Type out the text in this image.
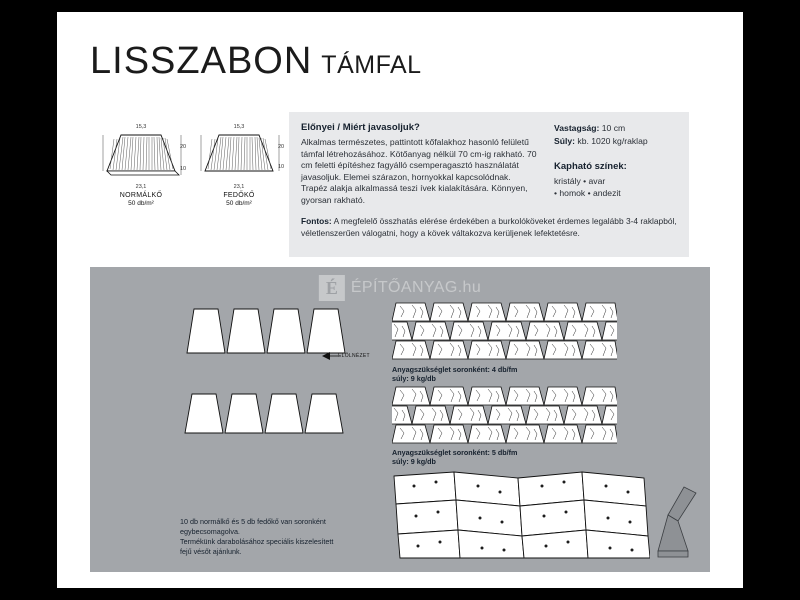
LISSZABON TÁMFAL
15,3
23,1
NORMÁLKŐ
50 db/m²
20
10
15,3
23,1
FEDŐKŐ
50 db/m²
20
10
Előnyei / Miért javasoljuk?
Alkalmas természetes, pattintott kőfalakhoz hasonló felületű támfal létrehozásához. Kötőanyag nélkül 70 cm-ig rakható. 70 cm feletti építéshez fagyálló csemperagasztó használatát javasoljuk. Elemei szárazon, hornyokkal kapcsolódnak. Trapéz alakja alkalmassá teszi ívek kialakítására. Könnyen, gyorsan rakható.
Vastagság: 10 cm
Súly: kb. 1020 kg/raklap
Kapható színek:
kristály • avar
• homok • andezit
Fontos: A megfelelő összhatás elérése érdekében a burkolóköveket érdemes legalább 3-4 raklapból, véletlenszerűen válogatni, hogy a kövek váltakozva kerüljenek lefektetésre.
É ÉPÍTŐANYAG.hu
ELŐLNÉZET
Anyagszükséglet soronként: 4 db/fm
súly: 9 kg/db
Anyagszükséglet soronként: 5 db/fm
súly: 9 kg/db
10 db normálkő és 5 db fedőkő van soronként
egybecsomagolva.
Termékünk darabolásához speciális kiszelesített
fejű vésőt ajánlunk.
